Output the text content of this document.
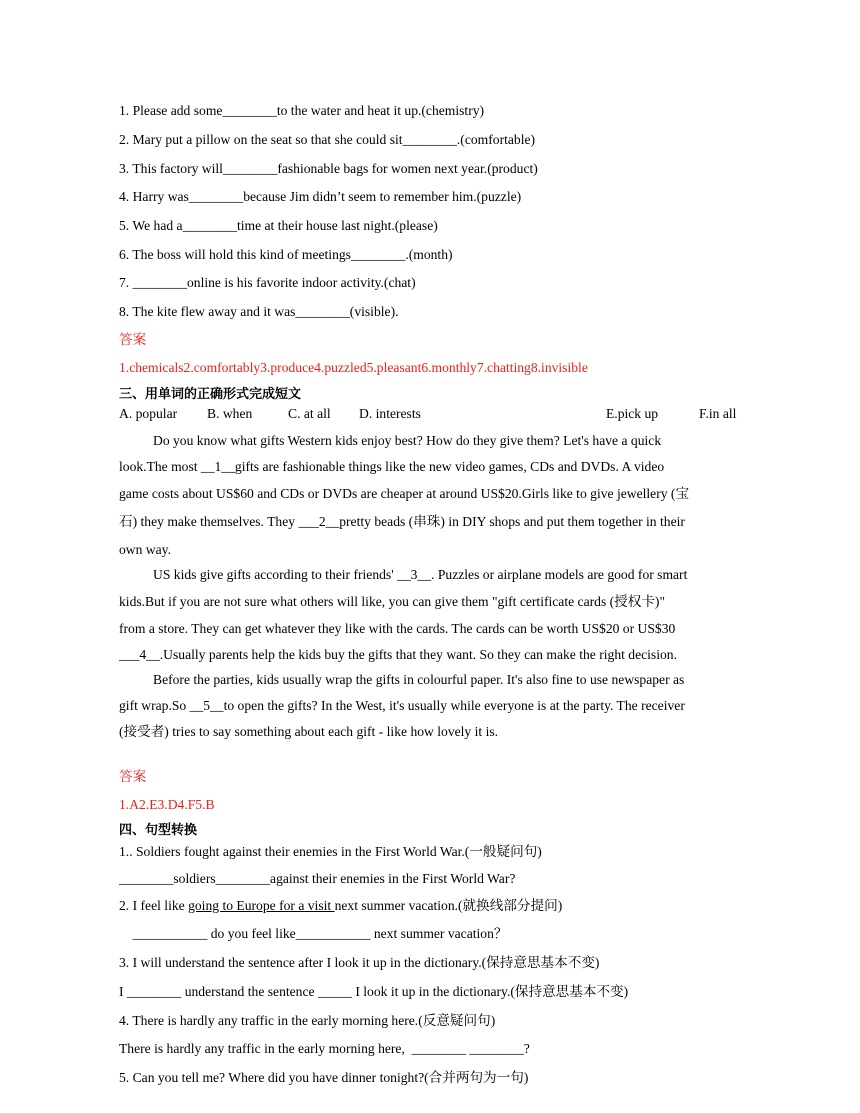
1. Please add some________to the water and heat it up.(chemistry)
2. Mary put a pillow on the seat so that she could sit________.(comfortable)
3. This factory will________fashionable bags for women next year.(product)
4. Harry was________because Jim didn’t seem to remember him.(puzzle)
5. We had a________time at their house last night.(please)
6. The boss will hold this kind of meetings________.(month)
7. ________online is his favorite indoor activity.(chat)
8. The kite flew away and it was________(visible).
答案
1.chemicals2.comfortably3.produce4.puzzled5.pleasant6.monthly7.chatting8.invisible
三、用单词的正确形式完成短文
A. popular B. when	C. at all D. interests	E.pick up	F.in all
Do you know what gifts Western kids enjoy best? How do they give them? Let's have a quick
look.The most __1__gifts are fashionable things like the new video games, CDs and DVDs. A video
game costs about US$60 and CDs or DVDs are cheaper at around US$20.Girls like to give jewellery (宝
石) they make themselves. They ___2__pretty beads (串珠) in DIY shops and put them together in their
own way.
US kids give gifts according to their friends' __3__. Puzzles or airplane models are good for smart
kids.But if you are not sure what others will like, you can give them "gift certificate cards (授权卡)"
from a store. They can get whatever they like with the cards. The cards can be worth US$20 or US$30
___4__.Usually parents help the kids buy the gifts that they want. So they can make the right decision.
Before the parties, kids usually wrap the gifts in colourful paper. It's also fine to use newspaper as
gift wrap.So __5__to open the gifts? In the West, it's usually while everyone is at the party. The receiver
(接受者) tries to say something about each gift - like how lovely it is.
答案
1.A2.E3.D4.F5.B
四、句型转换
1.. Soldiers fought against their enemies in the First World War.(一般疑问句)
________soldiers________against their enemies in the First World War?
2. I feel like going to Europe for a visit next summer vacation.(就换线部分提问)
___________ do you feel like___________ next summer vacation？
3. I will understand the sentence after I look it up in the dictionary.(保持意思基本不变)
I ________ understand the sentence _____ I look it up in the dictionary.(保持意思基本不变)
4. There is hardly any traffic in the early morning here.(反意疑问句)
There is hardly any traffic in the early morning here,  ________ ________?
5. Can you tell me? Where did you have dinner tonight?(合并两句为一句)
